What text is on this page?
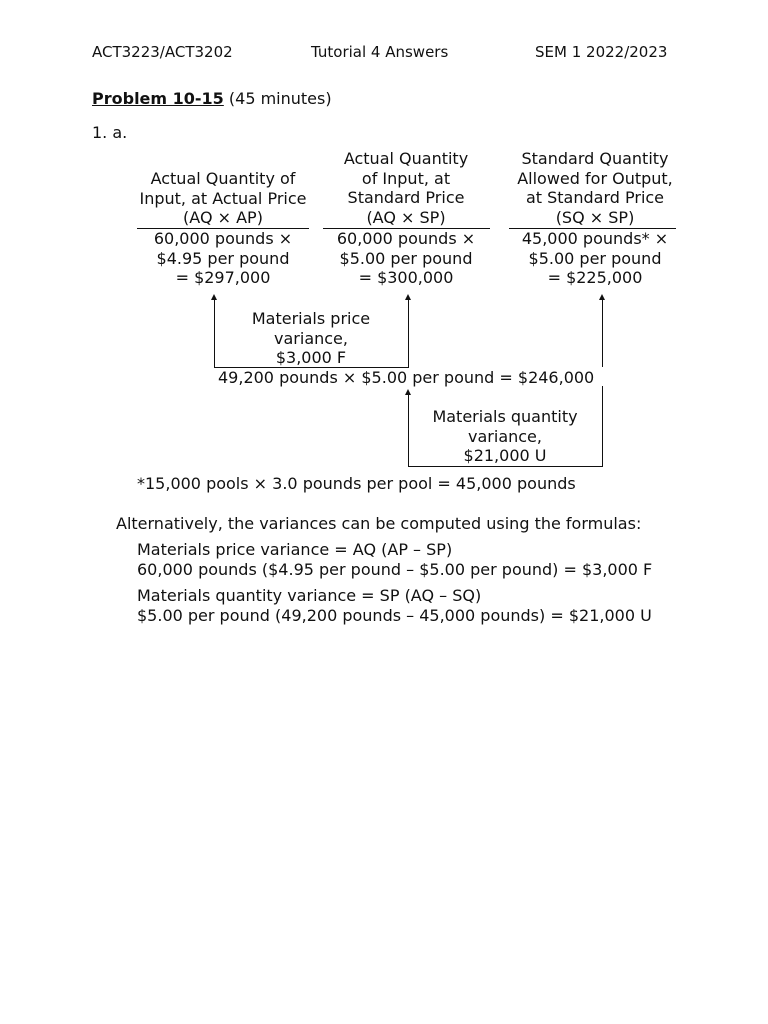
ACT3223/ACT3202	Tutorial 4 Answers	SEM 1 2022/2023
Problem 10-15 (45 minutes)
1. a.
Actual Quantity of
Input, at Actual Price
(AQ × AP)
60,000 pounds ×
$4.95 per pound
= $297,000
Actual Quantity
of Input, at
Standard Price
(AQ × SP)
60,000 pounds ×
$5.00 per pound
= $300,000
Standard Quantity
Allowed for Output,
at Standard Price
(SQ × SP)
45,000 pounds* ×
$5.00 per pound
= $225,000
Materials price
variance,
$3,000 F
49,200 pounds × $5.00 per pound = $246,000
Materials quantity
variance,
$21,000 U
*15,000 pools × 3.0 pounds per pool = 45,000 pounds
Alternatively, the variances can be computed using the formulas:
Materials price variance = AQ (AP – SP)
60,000 pounds ($4.95 per pound – $5.00 per pound) = $3,000 F
Materials quantity variance = SP (AQ – SQ)
$5.00 per pound (49,200 pounds – 45,000 pounds) = $21,000 U
